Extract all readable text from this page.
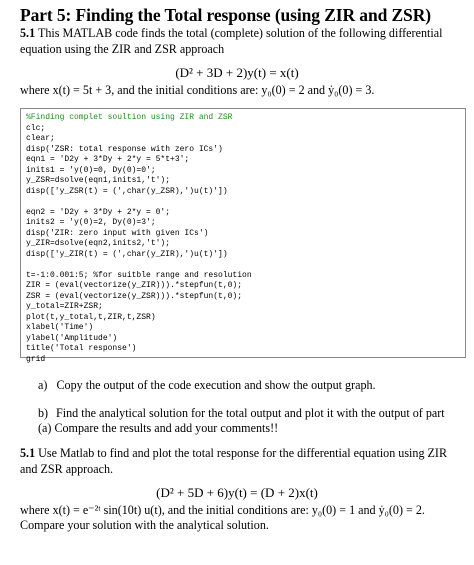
Part 5: Finding the Total response (using ZIR and ZSR)
5.1 This MATLAB code finds the total (complete) solution of the following differential equation using the ZIR and ZSR approach
(D² + 3D + 2)y(t) = x(t)
where x(t) = 5t + 3, and the initial conditions are: y₀(0) = 2 and ẏ₀(0) = 3.
%Finding complet soultion using ZIR and ZSR
clc;
clear;
disp('ZSR: total response with zero ICs')
eqn1 = 'D2y + 3*Dy + 2*y = 5*t+3';
inits1 = 'y(0)=0, Dy(0)=0';
y_ZSR=dsolve(eqn1,inits1,'t');
disp(['y_ZSR(t) = (',char(y_ZSR),')u(t)'])
eqn2 = 'D2y + 3*Dy + 2*y = 0';
inits2 = 'y(0)=2, Dy(0)=3';
disp('ZIR: zero input with given ICs')
y_ZIR=dsolve(eqn2,inits2,'t');
disp(['y_ZIR(t) = (',char(y_ZIR),')u(t)'])
t=-1:0.001:5; %for suitble range and resolution
ZIR = (eval(vectorize(y_ZIR))).*stepfun(t,0);
ZSR = (eval(vectorize(y_ZSR))).*stepfun(t,0);
y_total=ZIR+ZSR;
plot(t,y_total,t,ZIR,t,ZSR)
xlabel('Time')
ylabel('Amplitude')
title('Total response')
grid
a) Copy the output of the code execution and show the output graph.
b) Find the analytical solution for the total output and plot it with the output of part (a) Compare the results and add your comments!!
5.1 Use Matlab to find and plot the total response for the differential equation using ZIR and ZSR approach.
(D² + 5D + 6)y(t) = (D + 2)x(t)
where x(t) = e⁻²ᵗ sin(10t) u(t), and the initial conditions are: y₀(0) = 1 and ẏ₀(0) = 2. Compare your solution with the analytical solution.
